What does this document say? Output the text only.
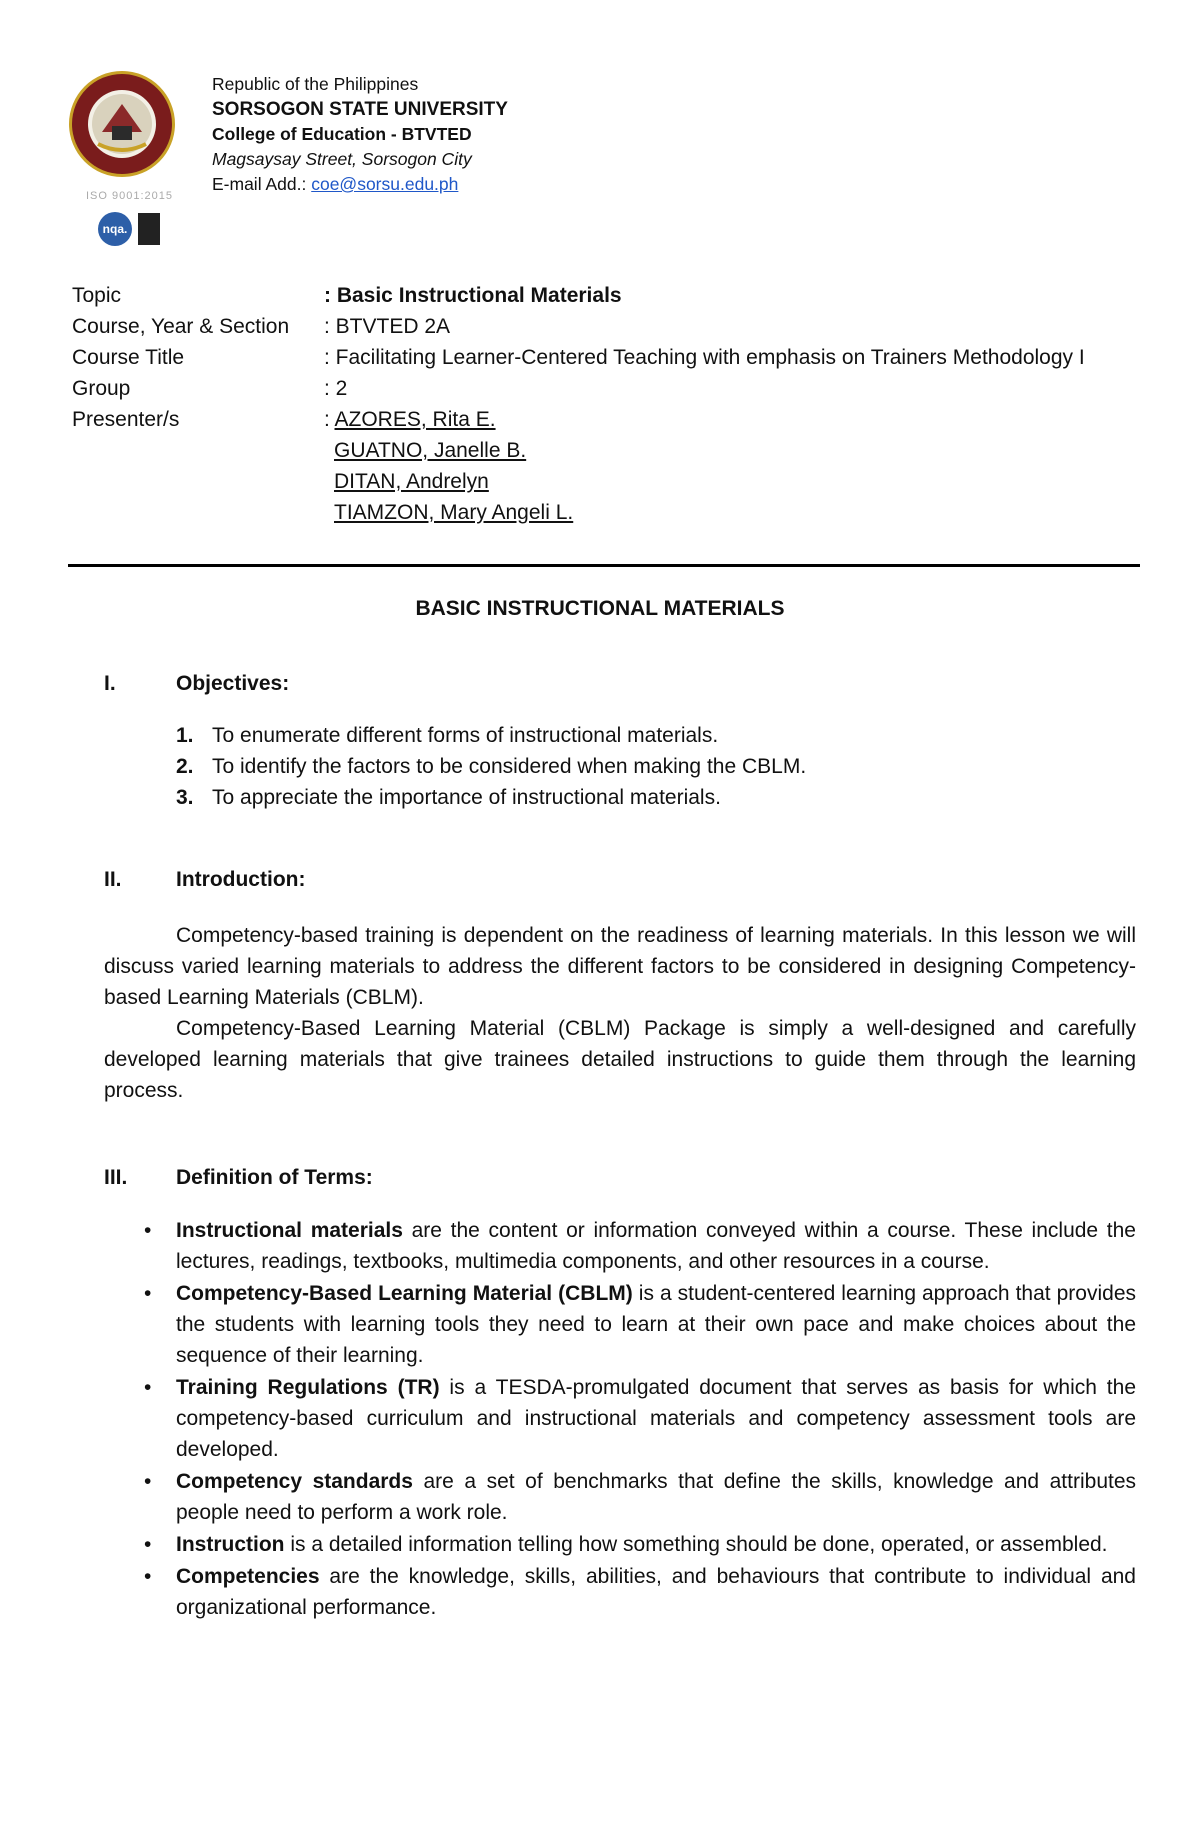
ISO 9001:2015
nqa.
Republic of the Philippines
SORSOGON STATE UNIVERSITY
College of Education - BTVTED
Magsaysay Street, Sorsogon City
E-mail Add.: coe@sorsu.edu.ph
Topic	: Basic Instructional Materials
Course, Year & Section	: BTVTED 2A
Course Title	: Facilitating Learner-Centered Teaching with emphasis on Trainers Methodology I
Group	: 2
Presenter/s	: AZORES, Rita E.
GUATNO, Janelle B.
DITAN, Andrelyn
TIAMZON, Mary Angeli L.
BASIC INSTRUCTIONAL MATERIALS
I.	Objectives:
1. To enumerate different forms of instructional materials.
2. To identify the factors to be considered when making the CBLM.
3. To appreciate the importance of instructional materials.
II.	Introduction:

Competency-based training is dependent on the readiness of learning materials. In this lesson we will discuss varied learning materials to address the different factors to be considered in designing Competency-based Learning Materials (CBLM).

Competency-Based Learning Material (CBLM) Package is simply a well-designed and carefully developed learning materials that give trainees detailed instructions to guide them through the learning process.

III. Definition of Terms:
• Instructional materials are the content or information conveyed within a course. These include the lectures, readings, textbooks, multimedia components, and other resources in a course.
• Competency-Based Learning Material (CBLM) is a student-centered learning approach that provides the students with learning tools they need to learn at their own pace and make choices about the sequence of their learning.
• Training Regulations (TR) is a TESDA-promulgated document that serves as basis for which the competency-based curriculum and instructional materials and competency assessment tools are developed.
• Competency standards are a set of benchmarks that define the skills, knowledge and attributes people need to perform a work role.
• Instruction is a detailed information telling how something should be done, operated, or assembled.
• Competencies are the knowledge, skills, abilities, and behaviours that contribute to individual and organizational performance.
